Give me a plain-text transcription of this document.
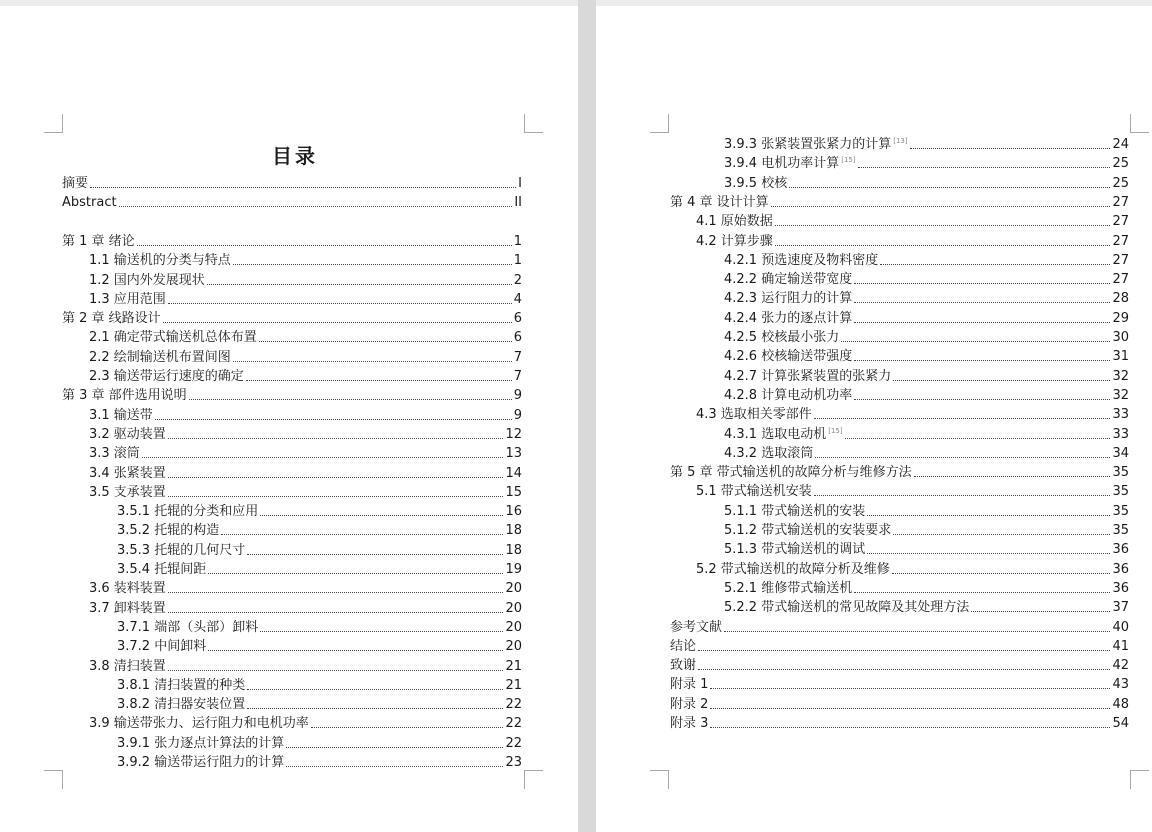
目录
摘要	I
Abstract	II
第 1 章 绪论	1
1.1 输送机的分类与特点	1
1.2 国内外发展现状	2
1.3 应用范围	4
第 2 章 线路设计	6
2.1 确定带式输送机总体布置	6
2.2 绘制输送机布置间图	7
2.3 输送带运行速度的确定	7
第 3 章 部件选用说明	9
3.1 输送带	9
3.2 驱动装置	12
3.3 滚筒	13
3.4 张紧装置	14
3.5 支承装置	15
3.5.1 托辊的分类和应用	16
3.5.2 托辊的构造	18
3.5.3 托辊的几何尺寸	18
3.5.4 托辊间距	19
3.6 装料装置	20
3.7 卸料装置	20
3.7.1 端部（头部）卸料	20
3.7.2 中间卸料	20
3.8 清扫装置	21
3.8.1 清扫装置的种类	21
3.8.2 清扫器安装位置	22
3.9 输送带张力、运行阻力和电机功率	22
3.9.1 张力逐点计算法的计算	22
3.9.2 输送带运行阻力的计算	23
3.9.3 张紧装置张紧力的计算 [13]	24
3.9.4 电机功率计算 [15]	25
3.9.5 校核	25
第 4 章 设计计算	27
4.1 原始数据	27
4.2 计算步骤	27
4.2.1 预选速度及物料密度	27
4.2.2 确定输送带宽度	27
4.2.3 运行阻力的计算	28
4.2.4 张力的逐点计算	29
4.2.5 校核最小张力	30
4.2.6 校核输送带强度	31
4.2.7 计算张紧装置的张紧力	32
4.2.8 计算电动机功率	32
4.3 选取相关零部件	33
4.3.1 选取电动机 [15]	33
4.3.2 选取滚筒	34
第 5 章 带式输送机的故障分析与维修方法	35
5.1 带式输送机安装	35
5.1.1 带式输送机的安装	35
5.1.2 带式输送机的安装要求	35
5.1.3 带式输送机的调试	36
5.2 带式输送机的故障分析及维修	36
5.2.1 维修带式输送机	36
5.2.2 带式输送机的常见故障及其处理方法	37
参考文献	40
结论	41
致谢	42
附录 1	43
附录 2	48
附录 3	54
